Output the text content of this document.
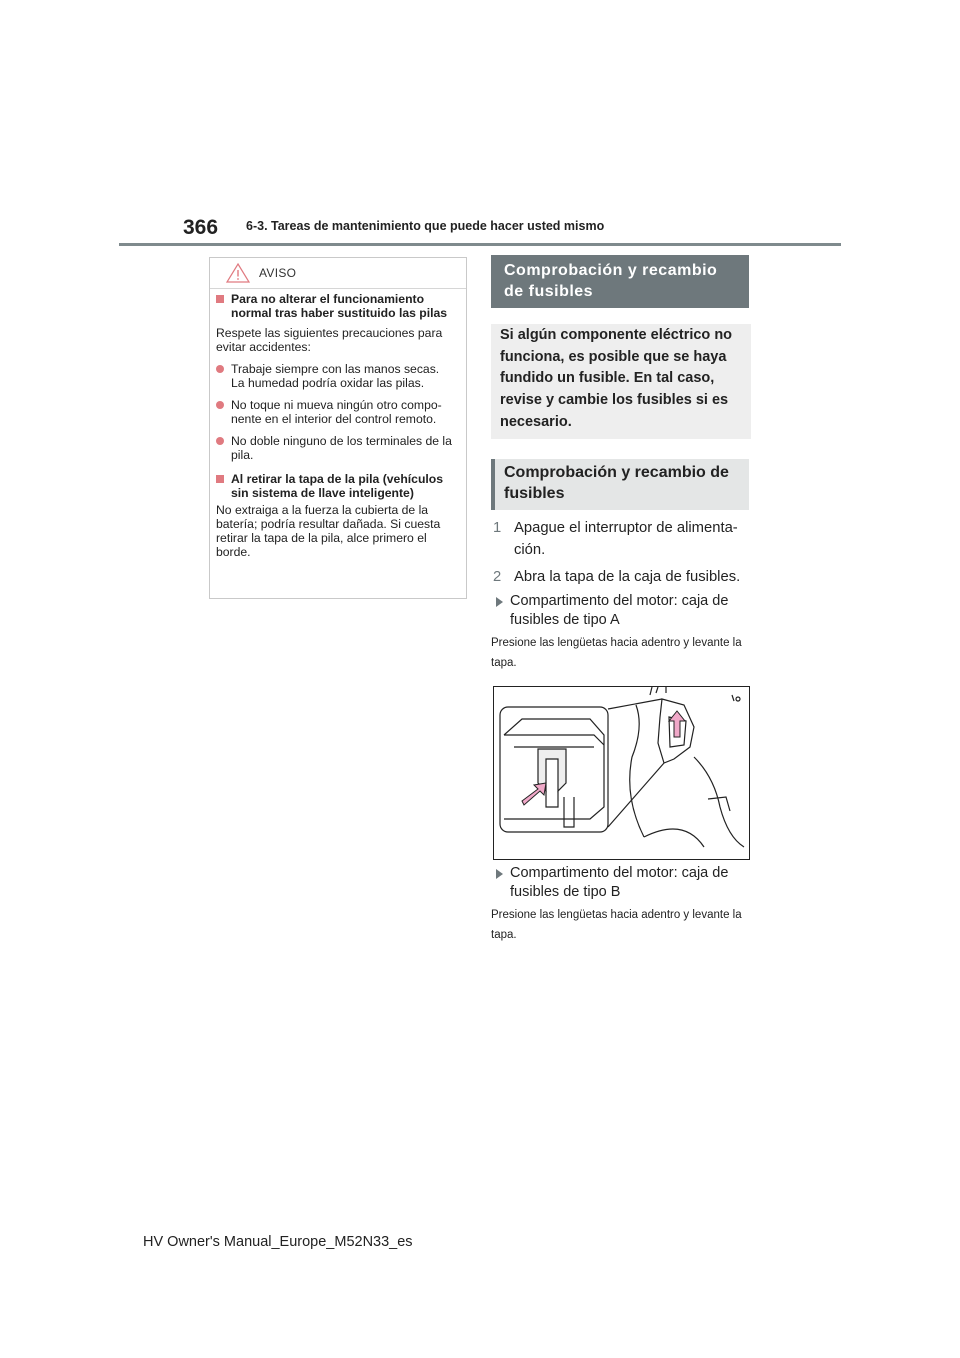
366 6-3. Tareas de mantenimiento que puede hacer usted mismo
AVISO
Para no alterar el funcionamiento normal tras haber sustituido las pilas
Respete las siguientes precauciones para evitar accidentes:
Trabaje siempre con las manos secas. La humedad podría oxidar las pilas.
No toque ni mueva ningún otro compo-nente en el interior del control remoto.
No doble ninguno de los terminales de la pila.
Al retirar la tapa de la pila (vehículos sin sistema de llave inteligente)
No extraiga a la fuerza la cubierta de la batería; podría resultar dañada. Si cuesta retirar la tapa de la pila, alce primero el borde.
Comprobación y recambio de fusibles
Si algún componente eléctrico no funciona, es posible que se haya fundido un fusible. En tal caso, revise y cambie los fusibles si es necesario.
Comprobación y recambio de fusibles
1 Apague el interruptor de alimenta-ción.
2 Abra la tapa de la caja de fusibles.
Compartimento del motor: caja de fusibles de tipo A
Presione las lengüetas hacia adentro y levante la tapa.
Compartimento del motor: caja de fusibles de tipo B
Presione las lengüetas hacia adentro y levante la tapa.
HV Owner's Manual_Europe_M52N33_es
